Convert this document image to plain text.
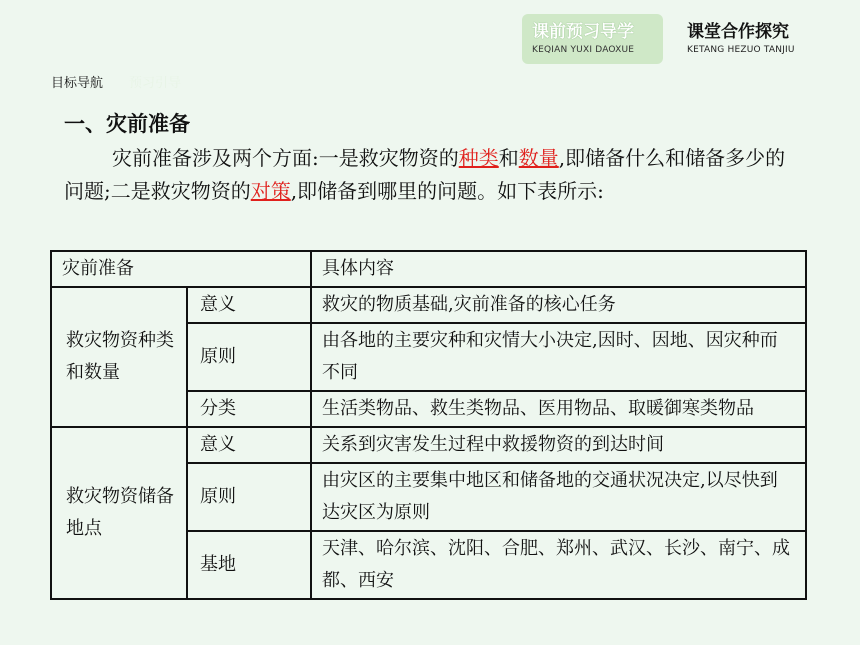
课前预习导学
KEQIAN YUXI DAOXUE
课堂合作探究
KETANG HEZUO TANJIU
目标导航 预习引导
一、灾前准备
灾前准备涉及两个方面:一是救灾物资的种类和数量,即储备什么和储备多少的问题;二是救灾物资的对策,即储备到哪里的问题。如下表所示:
灾前准备		具体内容
救灾物资种类和数量	意义	救灾的物质基础,灾前准备的核心任务
	原则	由各地的主要灾种和灾情大小决定,因时、因地、因灾种而不同
	分类	生活类物品、救生类物品、医用物品、取暖御寒类物品
救灾物资储备地点	意义	关系到灾害发生过程中救援物资的到达时间
	原则	由灾区的主要集中地区和储备地的交通状况决定,以尽快到达灾区为原则
	基地	天津、哈尔滨、沈阳、合肥、郑州、武汉、长沙、南宁、成都、西安
